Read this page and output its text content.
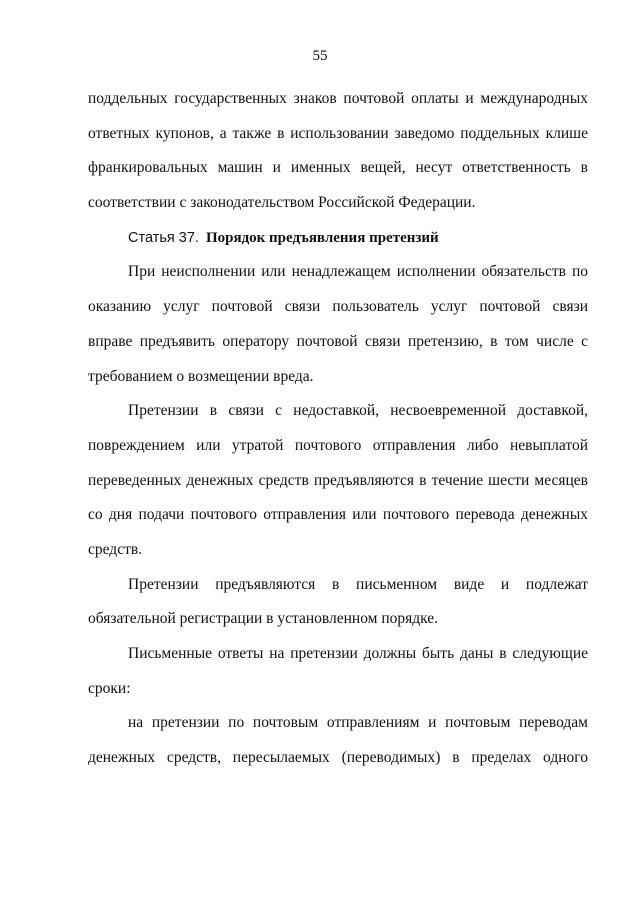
55
поддельных государственных знаков почтовой оплаты и международных
ответных купонов, а также в использовании заведомо поддельных клише
франкировальных машин и именных вещей, несут ответственность в
соответствии с законодательством Российской Федерации.
Статья 37. Порядок предъявления претензий
При неисполнении или ненадлежащем исполнении обязательств по
оказанию услуг почтовой связи пользователь услуг почтовой связи
вправе предъявить оператору почтовой связи претензию, в том числе с
требованием о возмещении вреда.
Претензии в связи с недоставкой, несвоевременной доставкой,
повреждением или утратой почтового отправления либо невыплатой
переведенных денежных средств предъявляются в течение шести месяцев
со дня подачи почтового отправления или почтового перевода денежных
средств.
Претензии предъявляются в письменном виде и подлежат
обязательной регистрации в установленном порядке.
Письменные ответы на претензии должны быть даны в следующие
сроки:
на претензии по почтовым отправлениям и почтовым переводам
денежных средств, пересылаемых (переводимых) в пределах одного
